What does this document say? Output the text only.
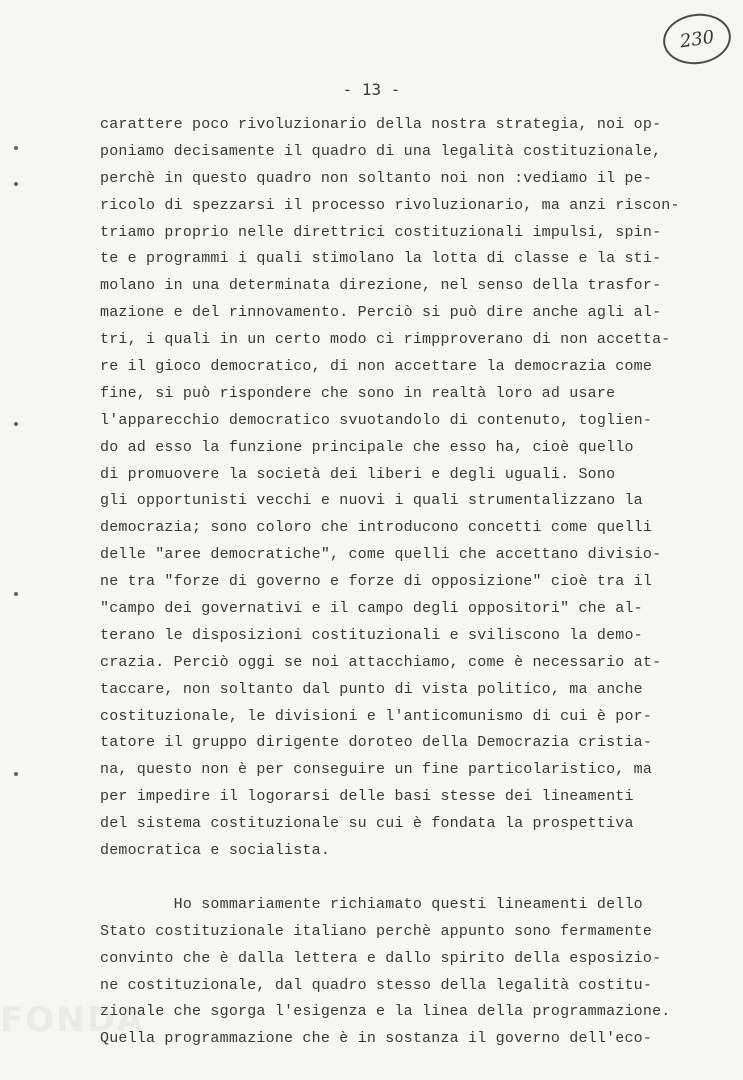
230
- 13 -
carattere poco rivoluzionario della nostra strategia, noi op-
poniamo decisamente il quadro di una legalità costituzionale,
perchè in questo quadro non soltanto noi non :vediamo il pe-
ricolo di spezzarsi il processo rivoluzionario, ma anzi riscon-
triamo proprio nelle direttrici costituzionali impulsi, spin-
te e programmi i quali stimolano la lotta di classe e la sti-
molano in una determinata direzione, nel senso della trasfor-
mazione e del rinnovamento. Perciò si può dire anche agli al-
tri, i quali in un certo modo ci rimpproverano di non accetta-
re il gioco democratico, di non accettare la democrazia come
fine, si può rispondere che sono in realtà loro ad usare
l'apparecchio democratico svuotandolo di contenuto, toglien-
do ad esso la funzione principale che esso ha, cioè quello
di promuovere la società dei liberi e degli uguali. Sono
gli opportunisti vecchi e nuovi i quali strumentalizzano la
democrazia; sono coloro che introducono concetti come quelli
delle "aree democratiche", come quelli che accettano divisio-
ne tra "forze di governo e forze di opposizione" cioè tra il
"campo dei governativi e il campo degli oppositori" che al-
terano le disposizioni costituzionali e sviliscono la demo-
crazia. Perciò oggi se noi attacchiamo, come è necessario at-
taccare, non soltanto dal punto di vista politico, ma anche
costituzionale, le divisioni e l'anticomunismo di cui è por-
tatore il gruppo dirigente doroteo della Democrazia cristia-
na, questo non è per conseguire un fine particolaristico, ma
per impedire il logorarsi delle basi stesse dei lineamenti
del sistema costituzionale su cui è fondata la prospettiva
democratica e socialista.
Ho sommariamente richiamato questi lineamenti dello
Stato costituzionale italiano perchè appunto sono fermamente
convinto che è dalla lettera e dallo spirito della esposizio-
ne costituzionale, dal quadro stesso della legalità costitu-
zionale che sgorga l'esigenza e la linea della programmazione.
Quella programmazione che è in sostanza il governo dell'eco-
FONDA
